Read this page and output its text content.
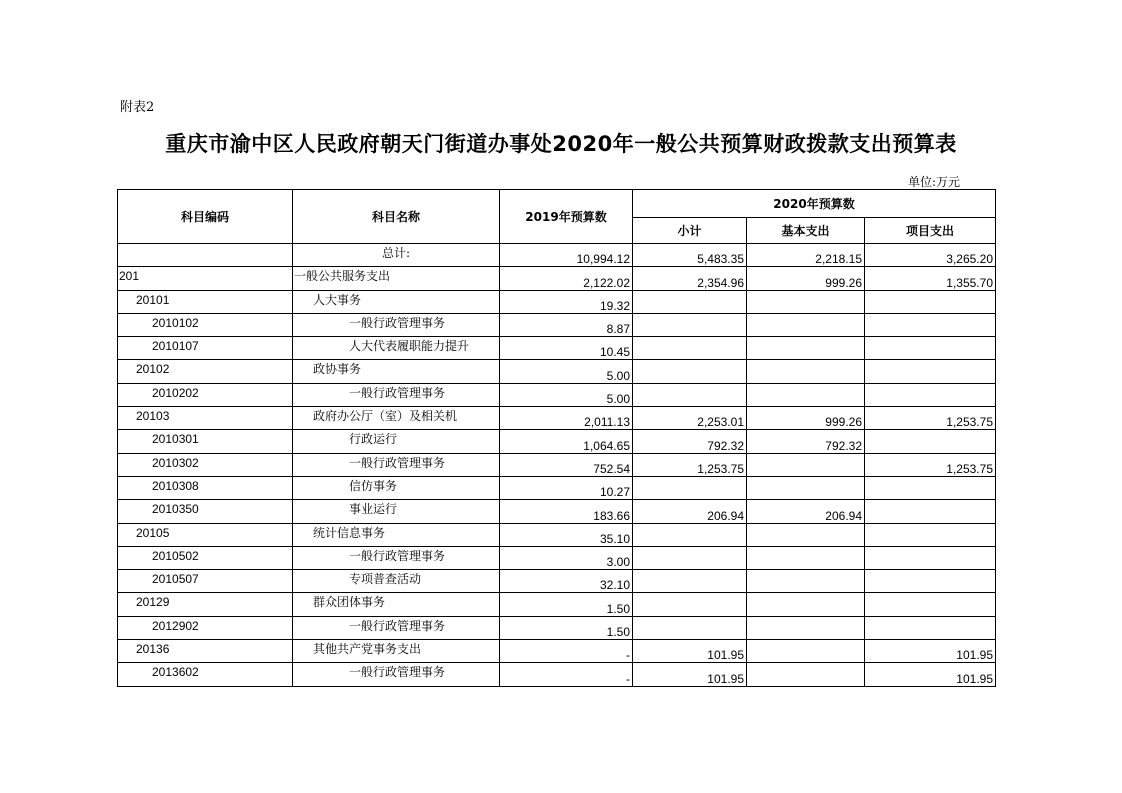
附表2
重庆市渝中区人民政府朝天门街道办事处2020年一般公共预算财政拨款支出预算表
单位:万元
科目编码	科目名称	2019年预算数	2020年预算数		
			小计	基本支出	项目支出
	总计:	10,994.12	5,483.35	2,218.15	3,265.20
201	一般公共服务支出	2,122.02	2,354.96	999.26	1,355.70
20101	人大事务	19.32			
2010102	一般行政管理事务	8.87			
2010107	人大代表履职能力提升	10.45			
20102	政协事务	5.00			
2010202	一般行政管理事务	5.00			
20103	政府办公厅（室）及相关机	2,011.13	2,253.01	999.26	1,253.75
2010301	行政运行	1,064.65	792.32	792.32	
2010302	一般行政管理事务	752.54	1,253.75		1,253.75
2010308	信仿事务	10.27			
2010350	事业运行	183.66	206.94	206.94	
20105	统计信息事务	35.10			
2010502	一般行政管理事务	3.00			
2010507	专项普查活动	32.10			
20129	群众团体事务	1.50			
2012902	一般行政管理事务	1.50			
20136	其他共产党事务支出	-	101.95		101.95
2013602	一般行政管理事务	-	101.95		101.95
